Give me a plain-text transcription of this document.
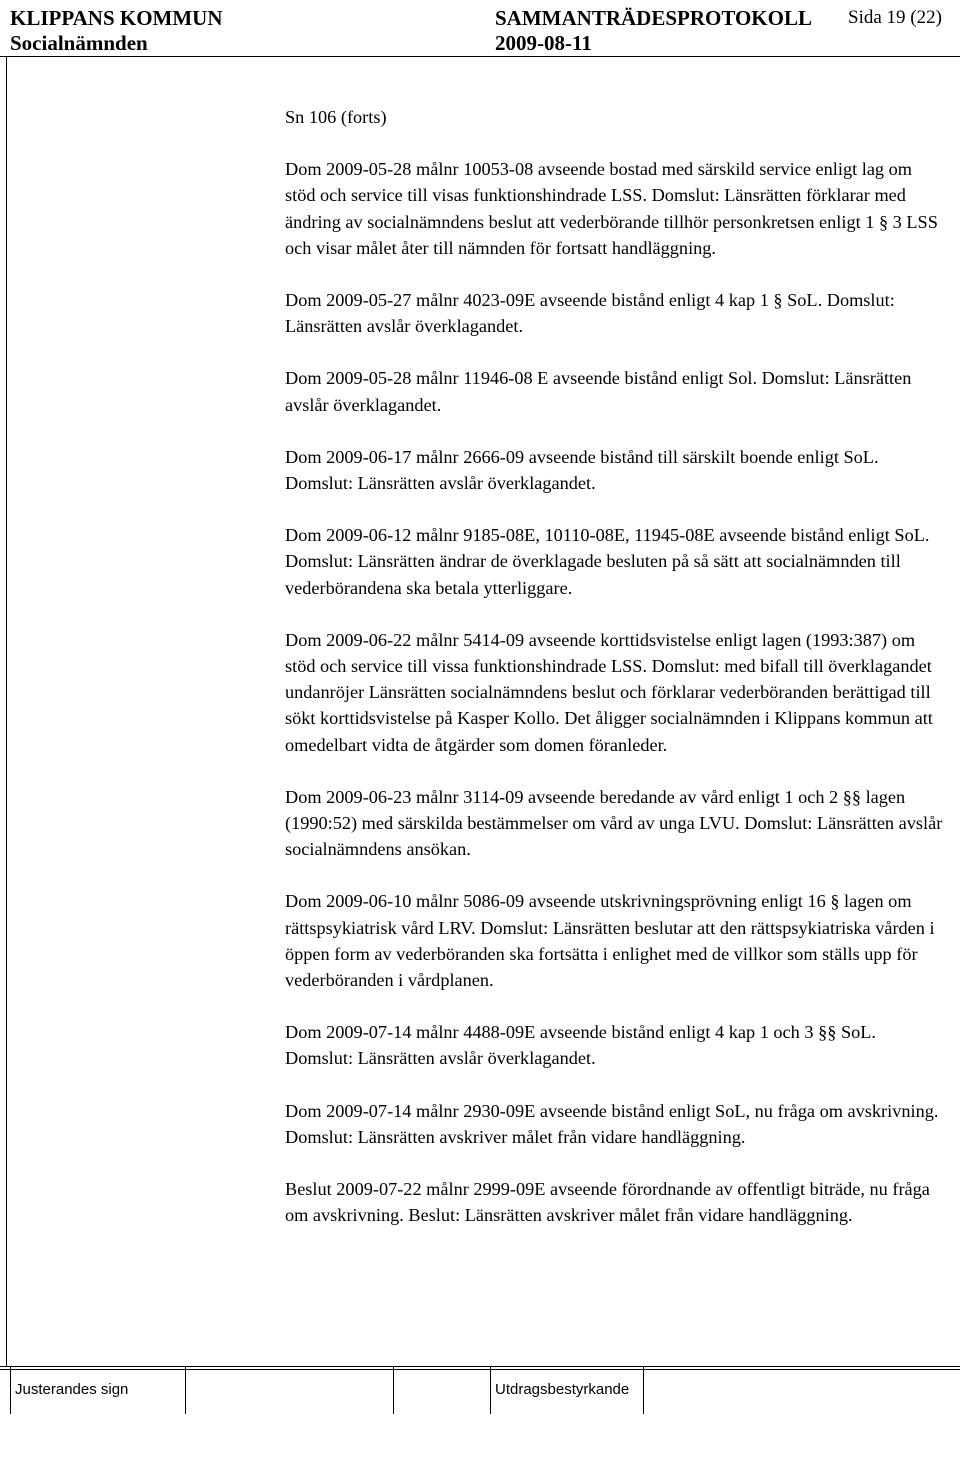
KLIPPANS KOMMUN
Socialnämnden
SAMMANTRÄDESPROTOKOLL Sida 19 (22)
2009-08-11

Sn 106 (forts)

Dom 2009-05-28 målnr 10053-08 avseende bostad med särskild service enligt lag om stöd och service till visas funktionshindrade LSS. Domslut: Länsrätten förklarar med ändring av socialnämndens beslut att vederbörande tillhör personkretsen enligt 1 § 3 LSS och visar målet åter till nämnden för fortsatt handläggning.

Dom 2009-05-27 målnr 4023-09E avseende bistånd enligt 4 kap 1 § SoL. Domslut: Länsrätten avslår överklagandet.

Dom 2009-05-28 målnr 11946-08 E avseende bistånd enligt Sol. Domslut: Länsrätten avslår överklagandet.

Dom 2009-06-17 målnr 2666-09 avseende bistånd till särskilt boende enligt SoL. Domslut: Länsrätten avslår överklagandet.

Dom 2009-06-12 målnr 9185-08E, 10110-08E, 11945-08E avseende bistånd enligt SoL. Domslut: Länsrätten ändrar de överklagade besluten på så sätt att socialnämnden till vederbörandena ska betala ytterliggare.

Dom 2009-06-22 målnr 5414-09 avseende korttidsvistelse enligt lagen (1993:387) om stöd och service till vissa funktionshindrade LSS. Domslut: med bifall till överklagandet undanröjer Länsrätten socialnämndens beslut och förklarar vederböranden berättigad till sökt korttidsvistelse på Kasper Kollo. Det åligger socialnämnden i Klippans kommun att omedelbart vidta de åtgärder som domen föranleder.

Dom 2009-06-23 målnr 3114-09 avseende beredande av vård enligt 1 och 2 §§ lagen (1990:52) med särskilda bestämmelser om vård av unga LVU. Domslut: Länsrätten avslår socialnämndens ansökan.

Dom 2009-06-10 målnr 5086-09 avseende utskrivningsprövning enligt 16 § lagen om rättspsykiatrisk vård LRV. Domslut: Länsrätten beslutar att den rättspsykiatriska vården i öppen form av vederböranden ska fortsätta i enlighet med de villkor som ställs upp för vederböranden i vårdplanen.

Dom 2009-07-14 målnr 4488-09E avseende bistånd enligt 4 kap 1 och 3 §§ SoL. Domslut: Länsrätten avslår överklagandet.

Dom 2009-07-14 målnr 2930-09E avseende bistånd enligt SoL, nu fråga om avskrivning. Domslut: Länsrätten avskriver målet från vidare handläggning.

Beslut 2009-07-22 målnr 2999-09E avseende förordnande av offentligt biträde, nu fråga om avskrivning. Beslut: Länsrätten avskriver målet från vidare handläggning.

Justerandes sign	Utdragsbestyrkande
